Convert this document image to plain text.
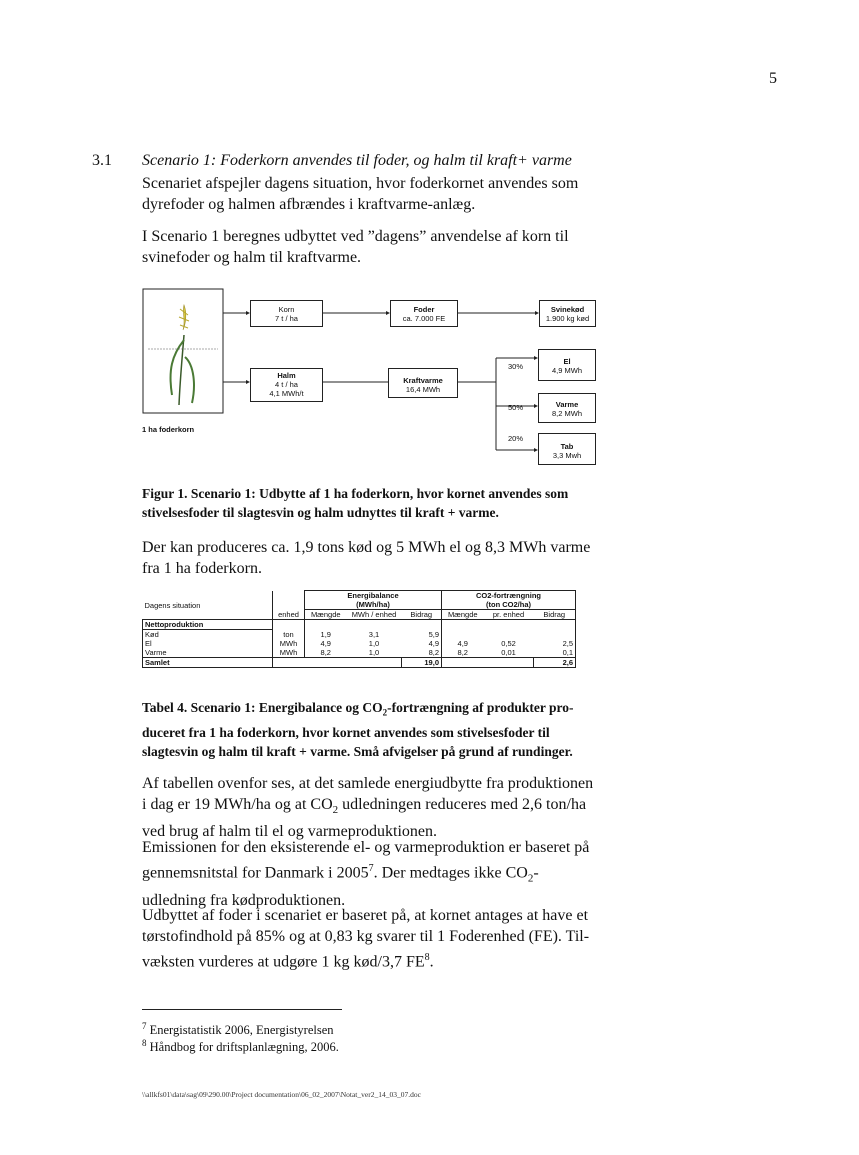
5
3.1 Scenario 1: Foderkorn anvendes til foder, og halm til kraft+ varme
Scenariet afspejler dagens situation, hvor foderkornet anvendes som
dyrefoder og halmen afbrændes i kraftvarme-anlæg.
I Scenario 1 beregnes udbyttet ved ”dagens” anvendelse af korn til
svinefoder og halm til kraftvarme.
1 ha foderkorn
Korn
7 t / ha
Foder
ca. 7.000 FE
Svinekød
1.900 kg kød
Halm
4 t / ha
4,1 MWh/t
Kraftvarme
16,4 MWh
30%
El
4,9 MWh
50%	Varme
8,2 MWh
20%
Tab
3,3 Mwh
Figur 1. Scenario 1: Udbytte af 1 ha foderkorn, hvor kornet anvendes som
stivelsesfoder til slagtesvin og halm udnyttes til kraft + varme.
Der kan produceres ca. 1,9 tons kød og 5 MWh el og 8,3 MWh varme
fra 1 ha foderkorn.
Dagens situation		Energibalance			CO2-fortrængning		
		(MWh/ha)			(ton CO2/ha)		
	enhed	Mængde	MWh / enhed	Bidrag	Mængde	pr. enhed	Bidrag
Nettoproduktion							
Kød	ton	1,9	3,1	5,9			
El	MWh	4,9	1,0	4,9	4,9	0,52	2,5
Varme	MWh	8,2	1,0	8,2	8,2	0,01	0,1
Samlet				19,0			2,6
Tabel 4. Scenario 1: Energibalance og $CO_2$-fortrængning af produkter pro-
duceret fra 1 ha foderkorn, hvor kornet anvendes som stivelsesfoder til
slagtesvin og halm til kraft + varme. Små afvigelser på grund af rundinger.
Af tabellen ovenfor ses, at det samlede energiudbytte fra produktionen
i dag er 19 MWh/ha og at $CO_2$ udledningen reduceres med 2,6 ton/ha
ved brug af halm til el og varmeproduktionen.
Emissionen for den eksisterende el- og varmeproduktion er baseret på
gennemsnitstal for Danmark i 2005$^7$. Der medtages ikke $CO_2-$
udledning fra kødproduktionen.
Udbyttet af foder i scenariet er baseret på, at kornet antages at have et
tørstofindhold på 85% og at 0,83 kg svarer til 1 Foderenhed (FE). Til-
væksten vurderes at udgøre 1 kg kød/3,7 $FE^8$.
$^7$ Energistatistik 2006, Energistyrelsen
$^8$ Håndbog for driftsplanlægning, 2006.
\\allkfs01\data\sag\09\290.00\Project documentation\06_02_2007\Notat_ver2_14_03_07.doc
